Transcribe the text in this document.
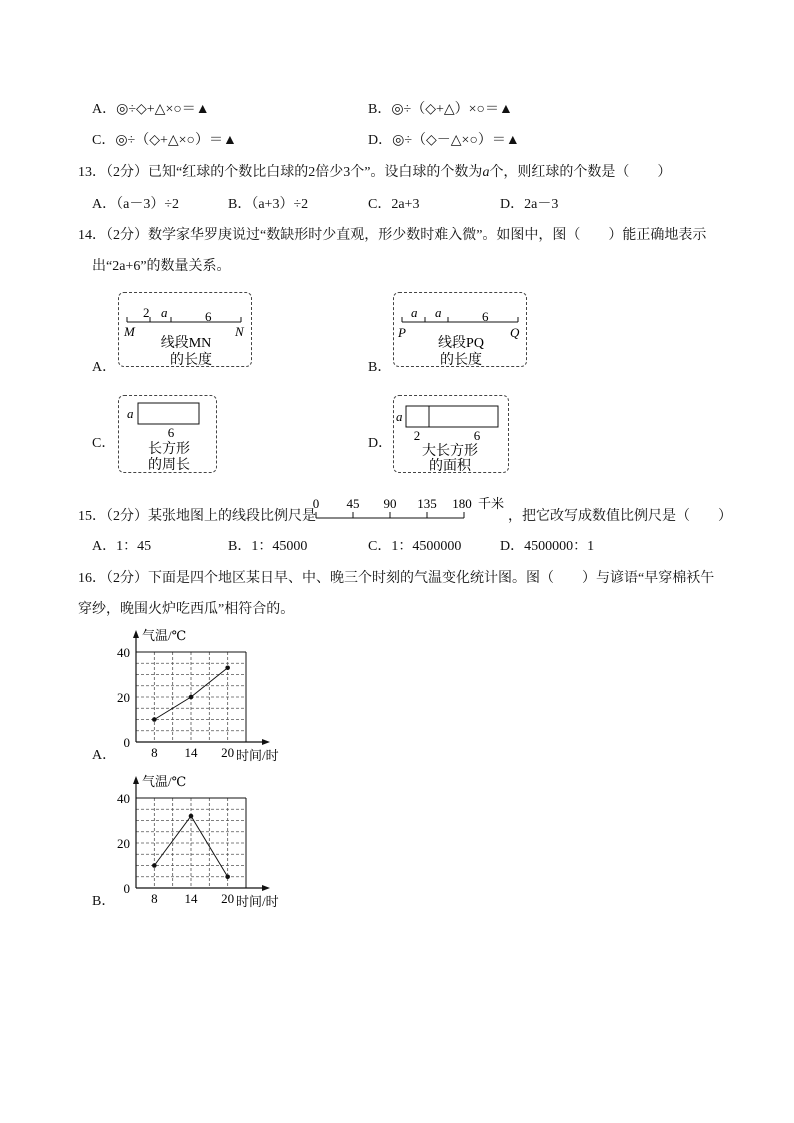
A．◎÷◇+△×○＝▲	B．◎÷（◇+△）×○＝▲
C．◎÷（◇+△×○）＝▲	D．◎÷（◇－△×○）＝▲
13．（2分）已知“红球的个数比白球的2倍少3个”。设白球的个数为a个，则红球的个数是（　　）
A．（a－3）÷2	B．（a+3）÷2	C．2a+3	D．2a－3
14．（2分）数学家华罗庚说过“数缺形时少直观，形少数时难入微”。如图中，图（　　）能正确地表示
出“2a+6”的数量关系。
2 a	6
M	N
线段MN
的长度
A．
a a	6
P	Q
线段PQ
的长度
B．
a
6
长方形
的周长
C．
a
2	6
大长方形
的面积
D．
15．（2分）某张地图上的线段比例尺是
0 45 90 135 180 千米
，把它改写成数值比例尺是（　　）
A．1：45	B．1：45000	C．1：4500000	D．4500000：1
16．（2分）下面是四个地区某日早、中、晚三个时刻的气温变化统计图。图（　　）与谚语“早穿棉袄午
穿纱，晚围火炉吃西瓜”相符合的。
气温/℃
时间/时
0
20
40
8 14 20
A．
气温/℃
时间/时
0
20
40
8 14 20
B．
